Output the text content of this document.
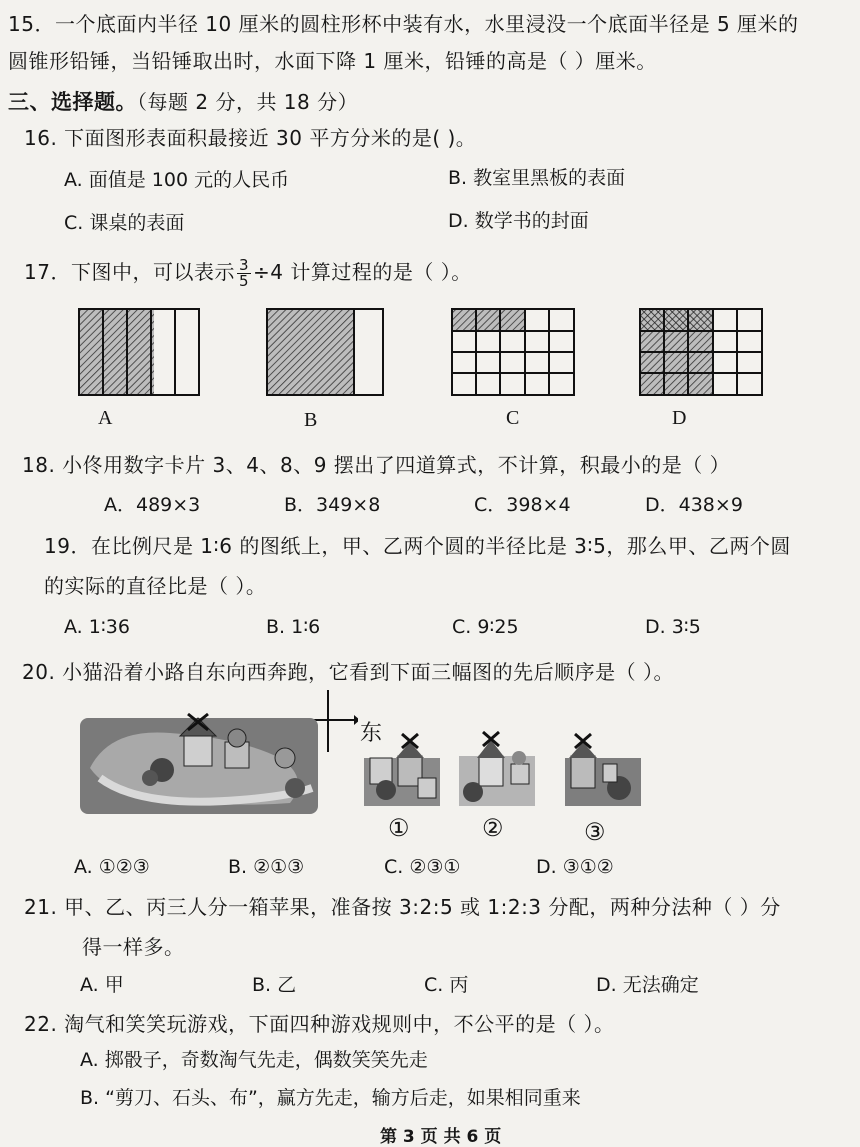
15．一个底面内半径 10 厘米的圆柱形杯中装有水，水里浸没一个底面半径是 5 厘米的
圆锥形铅锤，当铅锤取出时，水面下降 1 厘米，铅锤的高是（ ）厘米。
三、选择题。（每题 2 分，共 18 分）
16. 下面图形表面积最接近 30 平方分米的是( )。
A. 面值是 100 元的人民币	B. 教室里黑板的表面
C. 课桌的表面	D. 数学书的封面
17．下图中，可以表示 $\frac{3}{5} \div 4$ 计算过程的是（ ）。
A	B	C	D
18. 小佟用数字卡片 3、4、8、9 摆出了四道算式，不计算，积最小的是（ ）
A．489×3	B．349×8	C．398×4	D．438×9
19．在比例尺是 1∶6 的图纸上，甲、乙两个圆的半径比是 3∶5，那么甲、乙两个圆
的实际的直径比是（ ）。
A. 1∶36	B. 1∶6	C. 9∶25	D. 3∶5
20. 小猫沿着小路自东向西奔跑，它看到下面三幅图的先后顺序是（ ）。
东
①	②	③
A. ①②③	B. ②①③	C. ②③①	D. ③①②
21. 甲、乙、丙三人分一箱苹果，准备按 3:2:5 或 1:2:3 分配，两种分法种（ ）分
得一样多。
A. 甲	B. 乙	C. 丙	D. 无法确定
22. 淘气和笑笑玩游戏，下面四种游戏规则中，不公平的是（ ）。
A. 掷骰子，奇数淘气先走，偶数笑笑先走
B. “剪刀、石头、布”，赢方先走，输方后走，如果相同重来
第 3 页 共 6 页
